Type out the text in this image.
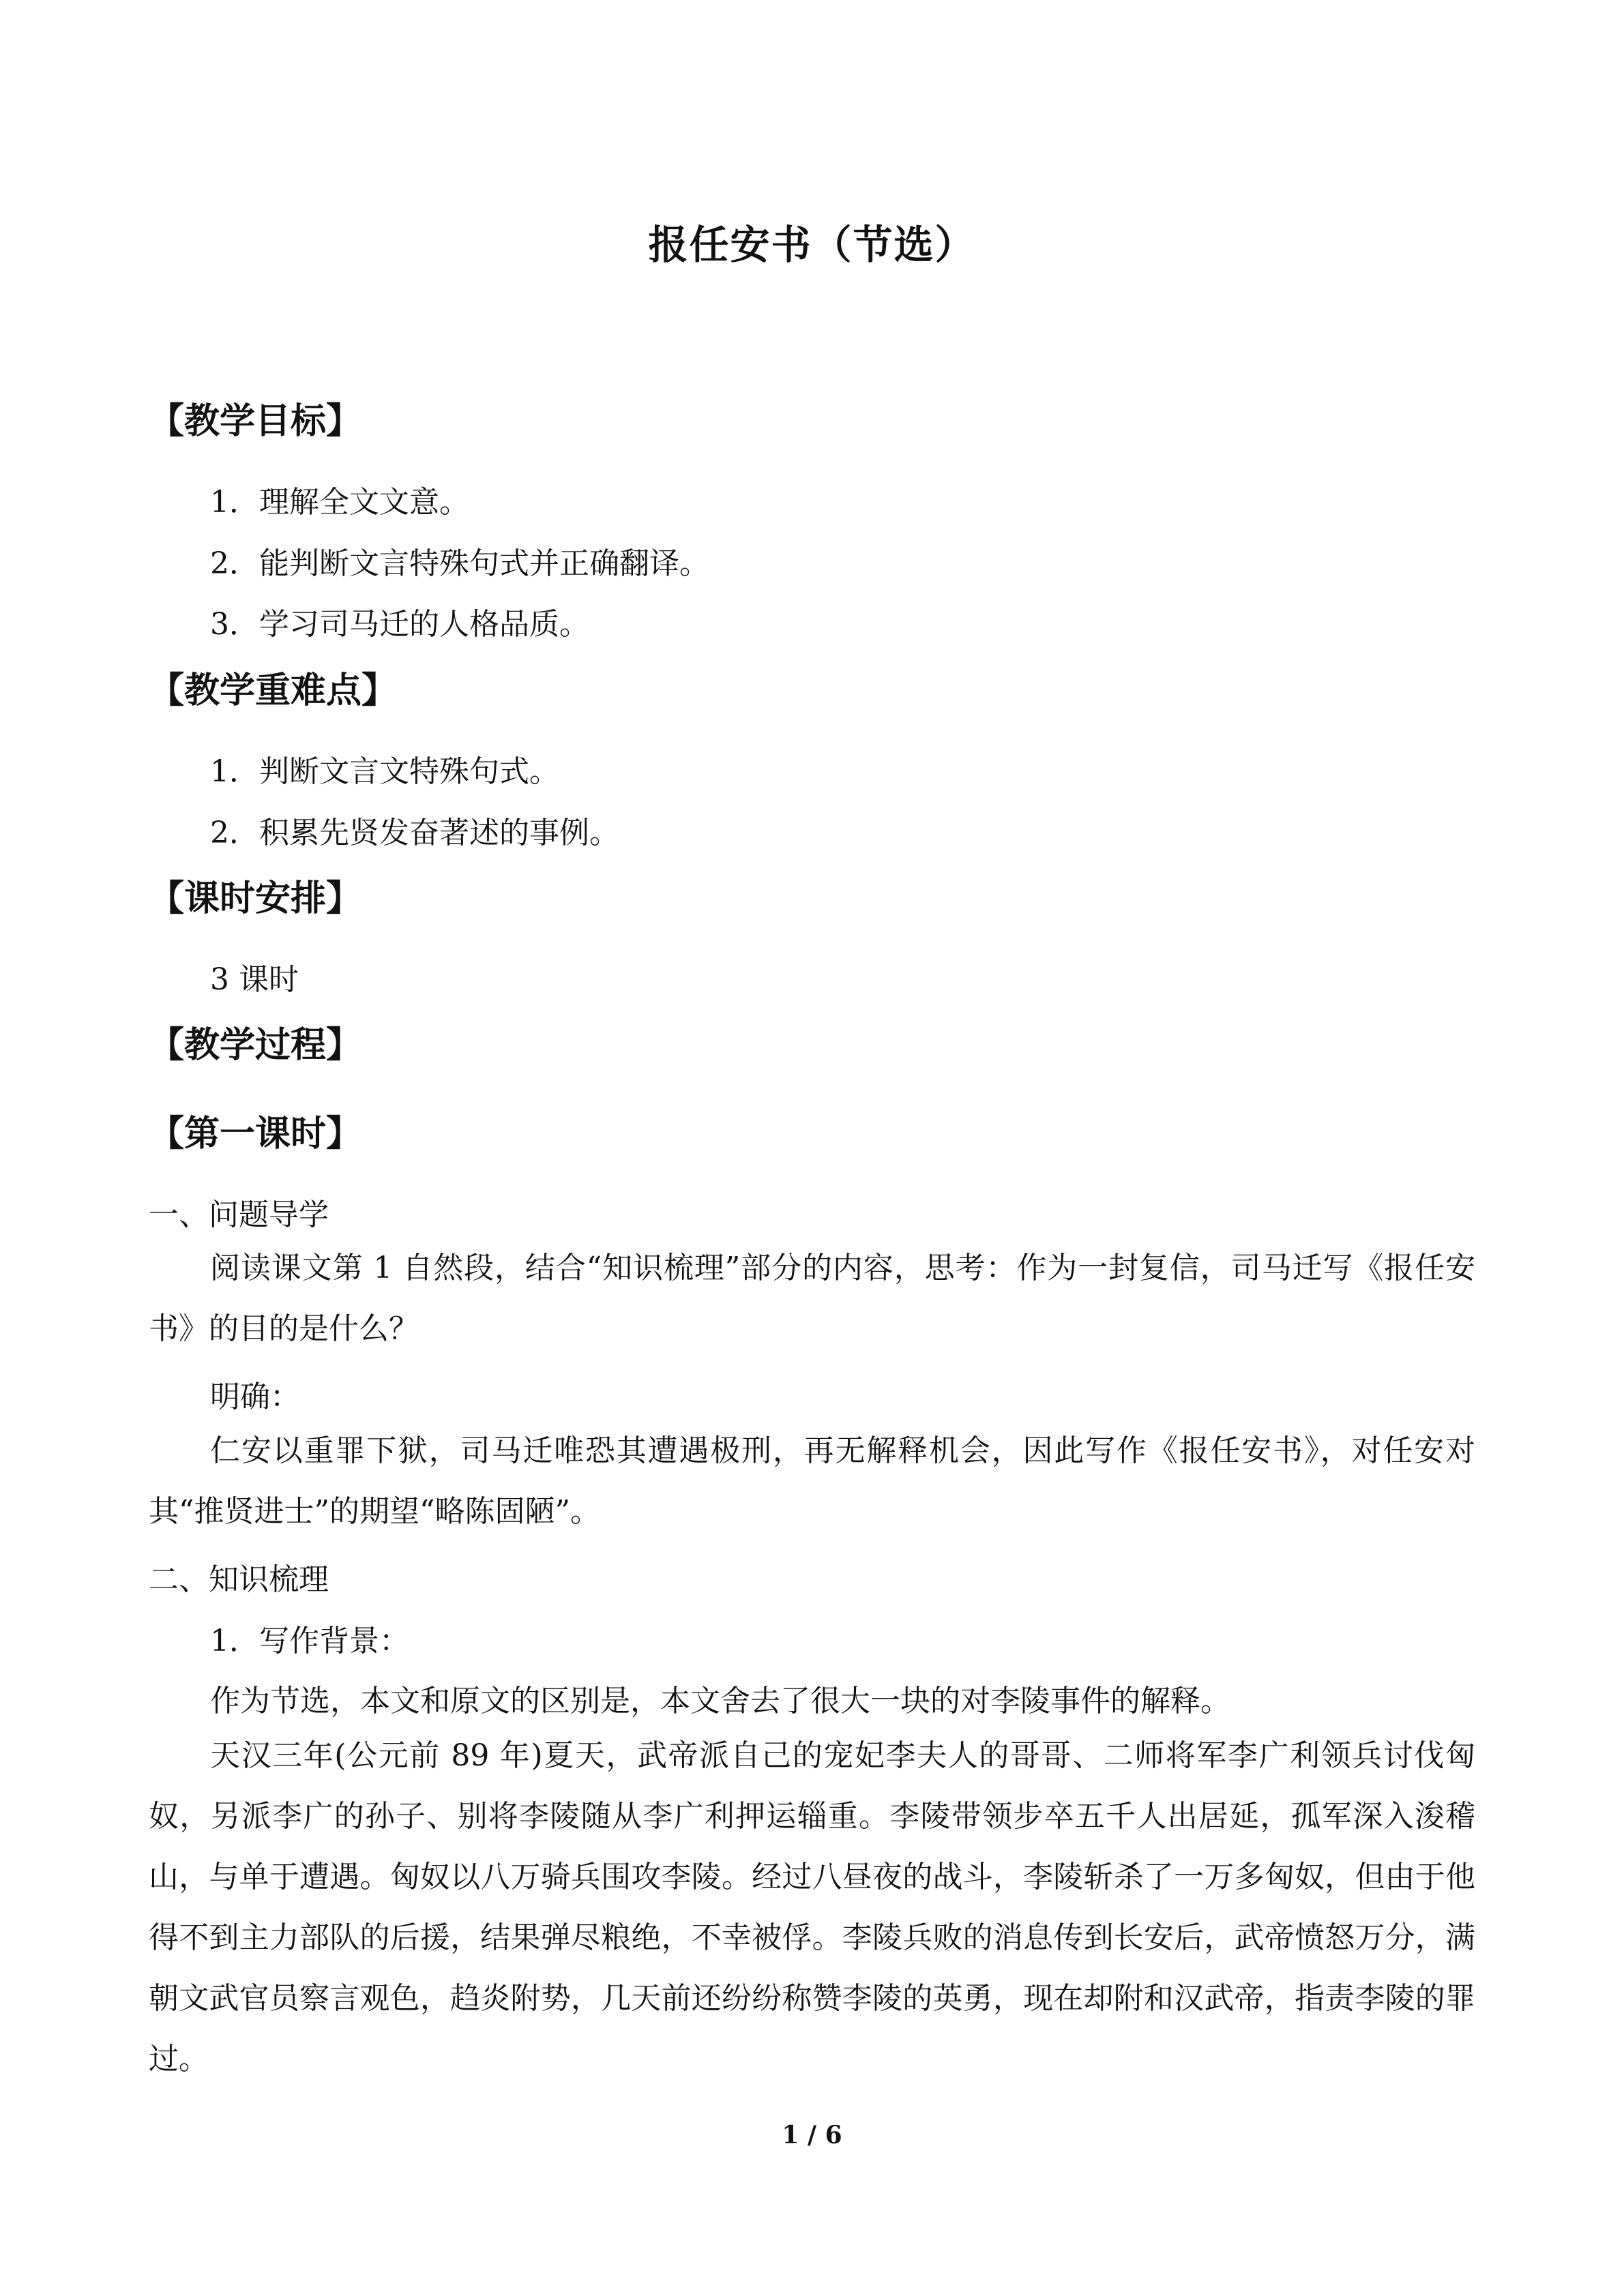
报任安书（节选）
【教学目标】
1．理解全文文意。
2．能判断文言特殊句式并正确翻译。
3．学习司马迁的人格品质。
【教学重难点】
1．判断文言文特殊句式。
2．积累先贤发奋著述的事例。
【课时安排】
3 课时
【教学过程】
【第一课时】
一、问题导学
阅读课文第 1 自然段，结合“知识梳理”部分的内容，思考：作为一封复信，司马迁写《报任安书》的目的是什么？
明确：
仁安以重罪下狱，司马迁唯恐其遭遇极刑，再无解释机会，因此写作《报任安书》，对任安对其“推贤进士”的期望“略陈固陋”。
二、知识梳理
1．写作背景：
作为节选，本文和原文的区别是，本文舍去了很大一块的对李陵事件的解释。
天汉三年(公元前 89 年)夏天，武帝派自己的宠妃李夫人的哥哥、二师将军李广利领兵讨伐匈奴，另派李广的孙子、别将李陵随从李广利押运辎重。李陵带领步卒五千人出居延，孤军深入浚稽山，与单于遭遇。匈奴以八万骑兵围攻李陵。经过八昼夜的战斗，李陵斩杀了一万多匈奴，但由于他得不到主力部队的后援，结果弹尽粮绝，不幸被俘。李陵兵败的消息传到长安后，武帝愤怒万分，满朝文武官员察言观色，趋炎附势，几天前还纷纷称赞李陵的英勇，现在却附和汉武帝，指责李陵的罪过。
1 / 6
